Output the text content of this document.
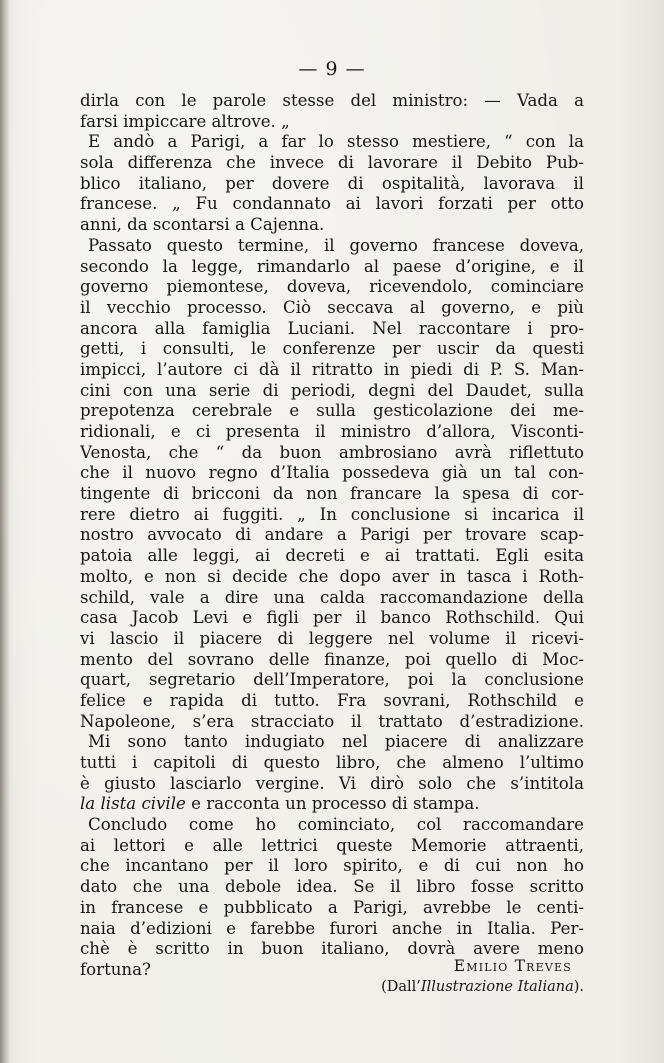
— 9 —
dirla con le parole stesse del ministro: — Vada a
farsi impiccare altrove. „
E andò a Parigi, a far lo stesso mestiere, “ con la
sola differenza che invece di lavorare il Debito Pub-
blico italiano, per dovere di ospitalità, lavorava il
francese. „ Fu condannato ai lavori forzati per otto
anni, da scontarsi a Cajenna.
Passato questo termine, il governo francese doveva,
secondo la legge, rimandarlo al paese d’origine, e il
governo piemontese, doveva, ricevendolo, cominciare
il vecchio processo. Ciò seccava al governo, e più
ancora alla famiglia Luciani. Nel raccontare i pro-
getti, i consulti, le conferenze per uscir da questi
impicci, l’autore ci dà il ritratto in piedi di P. S. Man-
cini con una serie di periodi, degni del Daudet, sulla
prepotenza cerebrale e sulla gesticolazione dei me-
ridionali, e ci presenta il ministro d’allora, Visconti-
Venosta, che “ da buon ambrosiano avrà riflettuto
che il nuovo regno d’Italia possedeva già un tal con-
tingente di bricconi da non francare la spesa di cor-
rere dietro ai fuggiti. „ In conclusione si incarica il
nostro avvocato di andare a Parigi per trovare scap-
patoia alle leggi, ai decreti e ai trattati. Egli esita
molto, e non si decide che dopo aver in tasca i Roth-
schild, vale a dire una calda raccomandazione della
casa Jacob Levi e figli per il banco Rothschild. Qui
vi lascio il piacere di leggere nel volume il ricevi-
mento del sovrano delle finanze, poi quello di Moc-
quart, segretario dell’Imperatore, poi la conclusione
felice e rapida di tutto. Fra sovrani, Rothschild e
Napoleone, s’era stracciato il trattato d’estradizione.
Mi sono tanto indugiato nel piacere di analizzare
tutti i capitoli di questo libro, che almeno l’ultimo
è giusto lasciarlo vergine. Vi dirò solo che s’intitola
la lista civile e racconta un processo di stampa.
Concludo come ho cominciato, col raccomandare
ai lettori e alle lettrici queste Memorie attraenti,
che incantano per il loro spirito, e di cui non ho
dato che una debole idea. Se il libro fosse scritto
in francese e pubblicato a Parigi, avrebbe le centi-
naia d’edizioni e farebbe furori anche in Italia. Per-
chè è scritto in buon italiano, dovrà avere meno
fortuna?	Emilio Treves
(Dall’Illustrazione Italiana).
